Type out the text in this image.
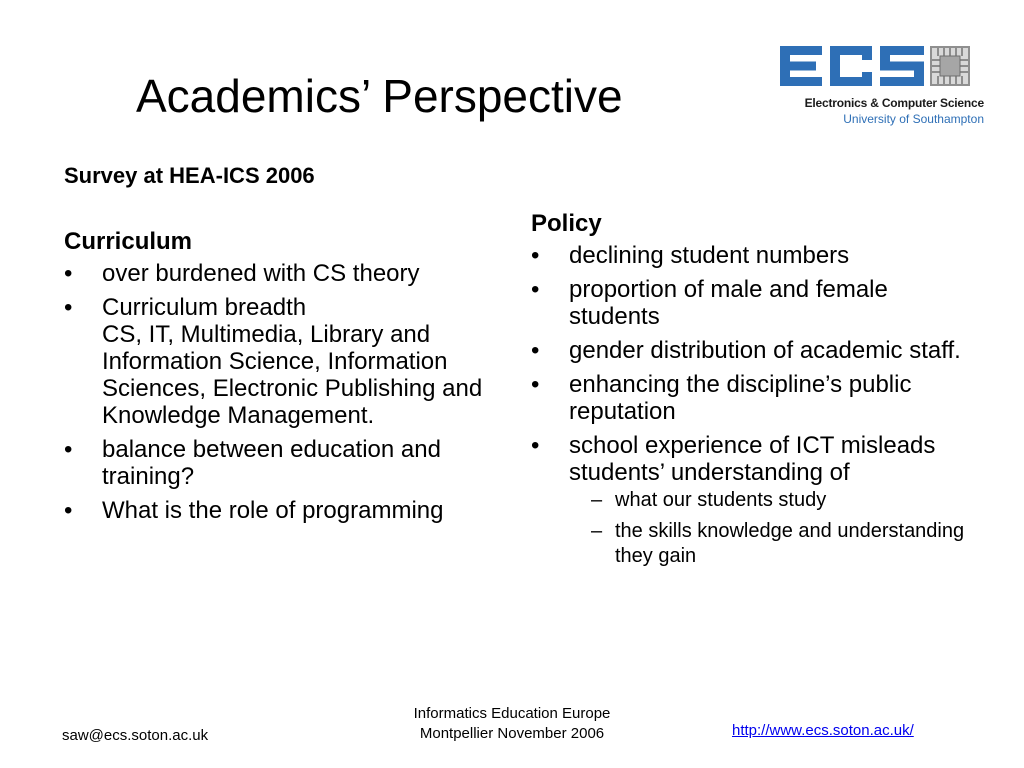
Academics’ Perspective	Electronics & Computer Science
University of Southampton
Survey at HEA-ICS 2006
Curriculum
• over burdened with CS theory
• Curriculum breadth
CS, IT, Multimedia, Library and Information Science, Information Sciences, Electronic Publishing and Knowledge Management.
• balance between education and training?
• What is the role of programming
Policy
• declining student numbers
• proportion of male and female students
• gender distribution of academic staff.
• enhancing the discipline’s public reputation
• school experience of ICT misleads students’ understanding of
– what our students study
– the skills knowledge and understanding they gain
saw@ecs.soton.ac.uk
Informatics Education Europe
Montpellier November 2006	http://www.ecs.soton.ac.uk/
